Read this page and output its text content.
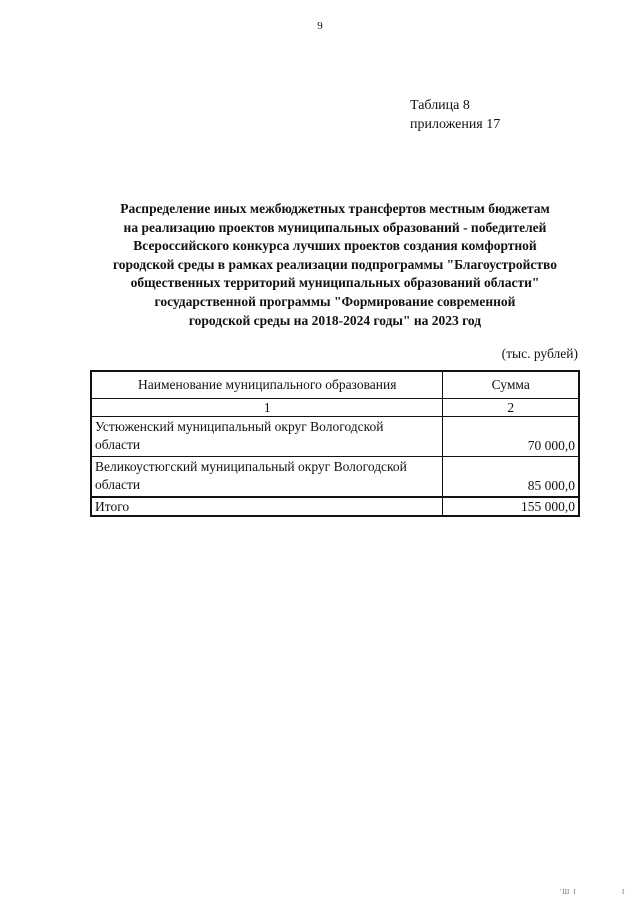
9
Таблица 8
приложения 17
Распределение иных межбюджетных трансфертов местным бюджетам
на реализацию проектов муниципальных образований - победителей
Всероссийского конкурса лучших проектов создания комфортной
городской среды в рамках реализации подпрограммы "Благоустройство
общественных территорий муниципальных образований области"
государственной программы "Формирование современной
городской среды на 2018-2024 годы" на 2023 год
(тыс. рублей)
Наименование муниципального образования	Сумма
1	2
Устюженский муниципальный округ Вологодской
области	70 000,0
Великоустюгский муниципальный округ Вологодской
области	85 000,0
Итого	155 000,0
'Ш I	I
